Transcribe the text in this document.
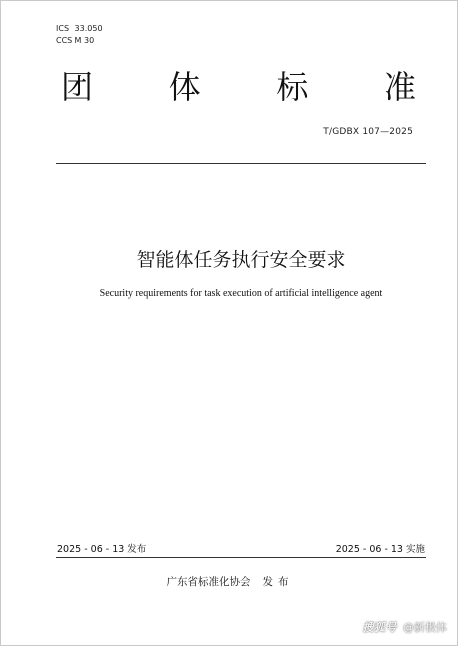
ICS 33.050
CCS M 30
团 体 标 准
T/GDBX 107—2025
智能体任务执行安全要求
Security requirements for task execution of artificial intelligence agent
2025 - 06 - 13 发布	2025 - 06 - 13 实施
广东省标准化协会 发布
搜狐号 @新极体
